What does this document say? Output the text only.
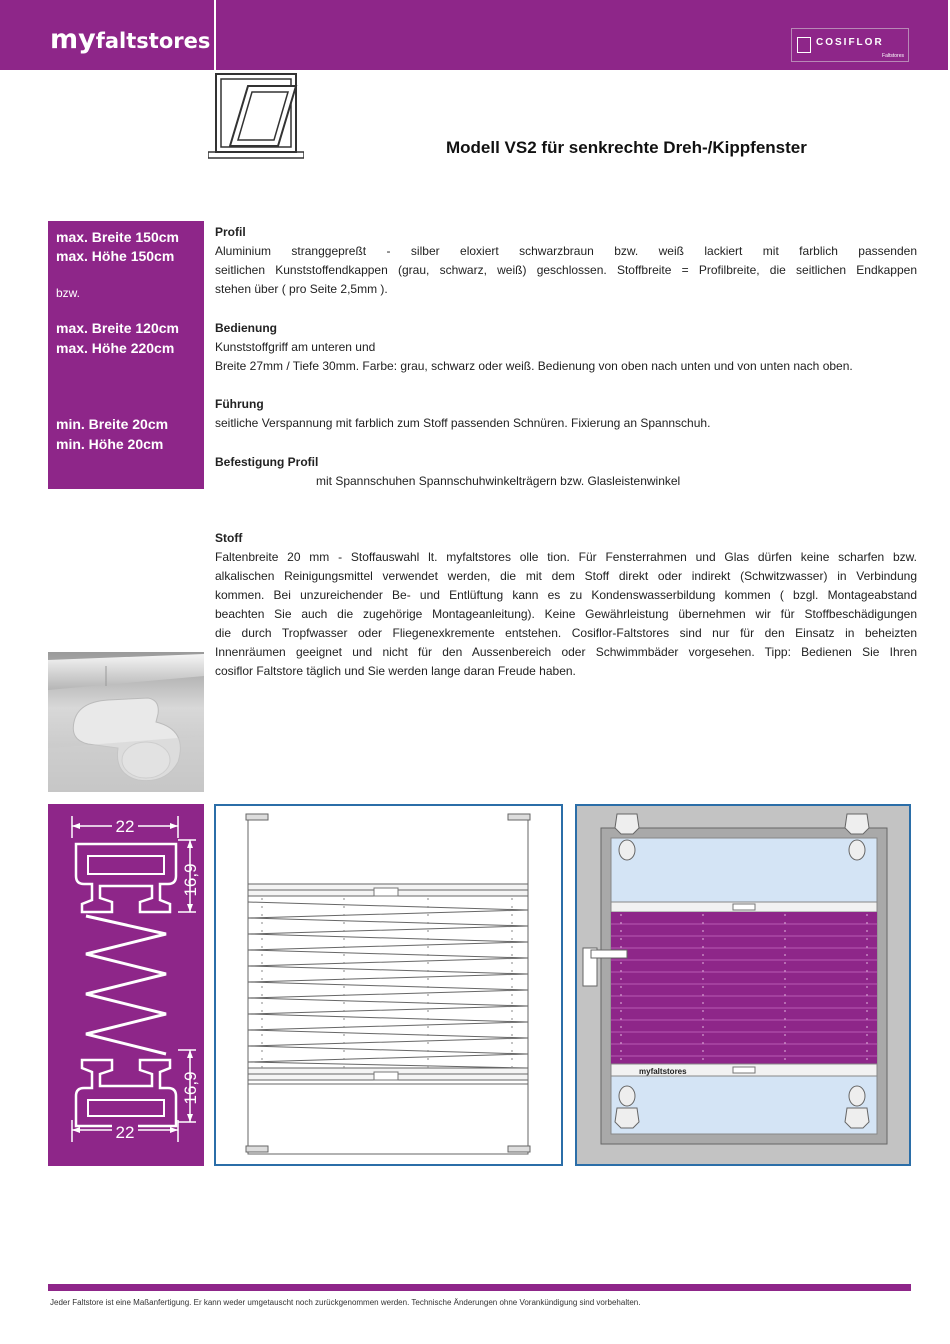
myfaltstores	COSIFLOR
Faltstores
Modell VS2 für senkrechte Dreh-/Kippfenster
max. Breite 150cm
max. Höhe 150cm
bzw.
max. Breite 120cm
max. Höhe 220cm
min. Breite 20cm
min. Höhe 20cm
Profil
Aluminium stranggepreßt - silber eloxiert schwarzbraun bzw. weiß lackiert mit farblich passenden
seitlichen Kunststoffendkappen (grau, schwarz, weiß) geschlossen. Stoffbreite = Profilbreite, die seitlichen Endkappen
stehen über ( pro Seite 2,5mm ).
Bedienung
Kunststoffgriff am unteren und
Breite 27mm / Tiefe 30mm. Farbe: grau, schwarz oder weiß. Bedienung von oben nach unten und von unten nach oben.
Führung
seitliche Verspannung mit farblich zum Stoff passenden Schnüren. Fixierung an Spannschuh.
Befestigung Profil
mit Spannschuhen Spannschuhwinkelträgern bzw. Glasleistenwinkel
Stoff
Faltenbreite 20 mm - Stoffauswahl lt. myfaltstores olle tion. Für Fensterrahmen und Glas dürfen keine scharfen bzw.
alkalischen Reinigungsmittel verwendet werden, die mit dem Stoff direkt oder indirekt (Schwitzwasser) in Verbindung
kommen. Bei unzureichender Be- und Entlüftung kann es zu Kondenswasserbildung kommen ( bzgl. Montageabstand
beachten Sie auch die zugehörige Montageanleitung). Keine Gewährleistung übernehmen wir für Stoffbeschädigungen
die durch Tropfwasser oder Fliegenexkremente entstehen. Cosiflor-Faltstores sind nur für den Einsatz in beheizten
Innenräumen geeignet und nicht für den Aussenbereich oder Schwimmbäder vorgesehen. Tipp: Bedienen Sie Ihren
cosiflor Faltstore täglich und Sie werden lange daran Freude haben.
22
16,9
16,9
22
myfaltstores
Jeder Faltstore ist eine Maßanfertigung. Er kann weder umgetauscht noch zurückgenommen werden. Technische Änderungen ohne Vorankündigung sind vorbehalten.
